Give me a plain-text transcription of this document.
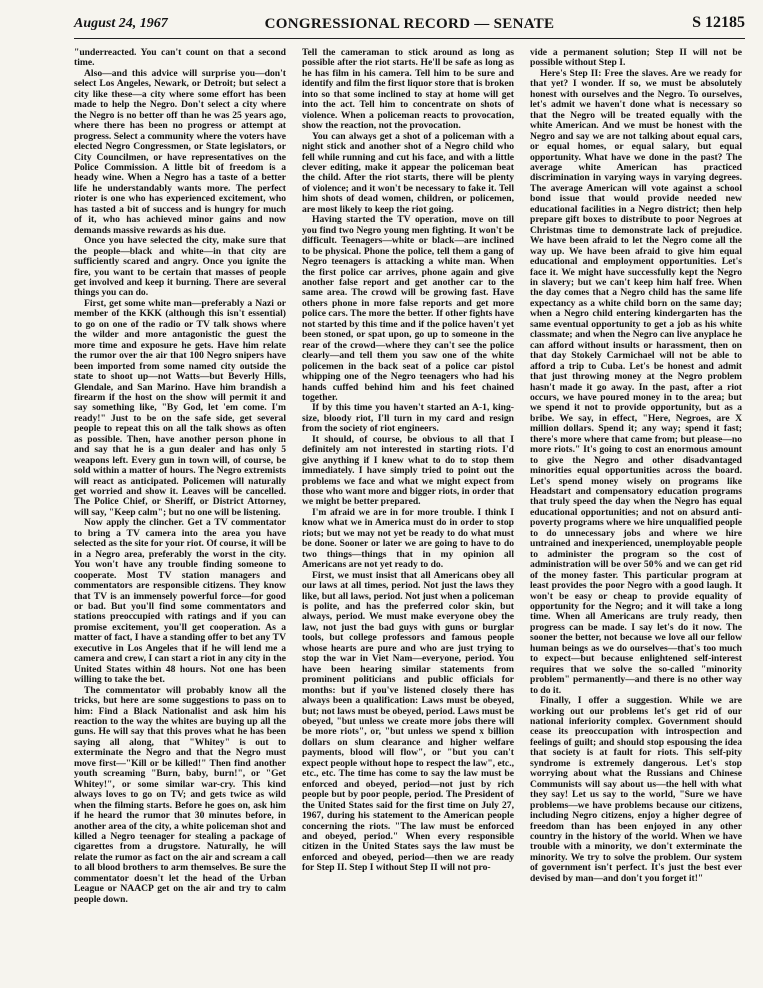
August 24, 1967	CONGRESSIONAL RECORD — SENATE	S 12185

"underreacted. You can't count on that a second time.

Also—and this advice will surprise you—don't select Los Angeles, Newark, or Detroit; but select a city like these—a city where some effort has been made to help the Negro. Don't select a city where the Negro is no better off than he was 25 years ago, where there has been no progress or attempt at progress. Select a community where the voters have elected Negro Congressmen, or State legislators, or City Councilmen, or have representatives on the Police Commission. A little bit of freedom is a heady wine. When a Negro has a taste of a better life he understandably wants more. The perfect rioter is one who has experienced excitement, who has tasted a bit of success and is hungry for much of it, who has achieved minor gains and now demands massive rewards as his due.

Once you have selected the city, make sure that the people—black and white—in that city are sufficiently scared and angry. Once you ignite the fire, you want to be certain that masses of people get involved and keep it burning. There are several things you can do.

First, get some white man—preferably a Nazi or member of the KKK (although this isn't essential) to go on one of the radio or TV talk shows where the wilder and more antagonistic the guest the more time and exposure he gets. Have him relate the rumor over the air that 100 Negro snipers have been imported from some named city outside the state to shoot up—not Watts—but Beverly Hills, Glendale, and San Marino. Have him brandish a firearm if the host on the show will permit it and say something like, "By God, let 'em come. I'm ready!" Just to be on the safe side, get several people to repeat this on all the talk shows as often as possible. Then, have another person phone in and say that he is a gun dealer and has only 5 weapons left. Every gun in town will, of course, be sold within a matter of hours. The Negro extremists will react as anticipated. Policemen will naturally get worried and show it. Leaves will be cancelled. The Police Chief, or Sheriff, or District Attorney, will say, "Keep calm"; but no one will be listening.

Now apply the clincher. Get a TV commentator to bring a TV camera into the area you have selected as the site for your riot. Of course, it will be in a Negro area, preferably the worst in the city. You won't have any trouble finding someone to cooperate. Most TV station managers and commentators are responsible citizens. They know that TV is an immensely powerful force—for good or bad. But you'll find some commentators and stations preoccupied with ratings and if you can promise excitement, you'll get cooperation. As a matter of fact, I have a standing offer to bet any TV executive in Los Angeles that if he will lend me a camera and crew, I can start a riot in any city in the United States within 48 hours. Not one has been willing to take the bet.

The commentator will probably know all the tricks, but here are some suggestions to pass on to him: Find a Black Nationalist and ask him his reaction to the way the whites are buying up all the guns. He will say that this proves what he has been saying all along, that "Whitey" is out to exterminate the Negro and that the Negro must move first—"Kill or be killed!" Then find another youth screaming "Burn, baby, burn!", or "Get Whitey!", or some similar war-cry. This kind always loves to go on TV; and gets twice as wild when the filming starts. Before he goes on, ask him if he heard the rumor that 30 minutes before, in another area of the city, a white policeman shot and killed a Negro teenager for stealing a package of cigarettes from a drugstore. Naturally, he will relate the rumor as fact on the air and scream a call to all blood brothers to arm themselves. Be sure the commentator doesn't let the head of the Urban League or NAACP get on the air and try to calm people down.

Tell the cameraman to stick around as long as possible after the riot starts. He'll be safe as long as he has film in his camera. Tell him to be sure and identify and film the first liquor store that is broken into so that some inclined to stay at home will get into the act. Tell him to concentrate on shots of violence. When a policeman reacts to provocation, show the reaction, not the provocation.

You can always get a shot of a policeman with a night stick and another shot of a Negro child who fell while running and cut his face, and with a little clever editing, make it appear the policeman beat the child. After the riot starts, there will be plenty of violence; and it won't be necessary to fake it. Tell him shots of dead women, children, or policemen, are most likely to keep the riot going.

Having started the TV operation, move on till you find two Negro young men fighting. It won't be difficult. Teenagers—white or black—are inclined to be physical. Phone the police, tell them a gang of Negro teenagers is attacking a white man. When the first police car arrives, phone again and give another false report and get another car to the same area. The crowd will be growing fast. Have others phone in more false reports and get more police cars. The more the better. If other fights have not started by this time and if the police haven't yet been stoned, or spat upon, go up to someone in the rear of the crowd—where they can't see the police clearly—and tell them you saw one of the white policemen in the back seat of a police car pistol whipping one of the Negro teenagers who had his hands cuffed behind him and his feet chained together.

If by this time you haven't started an A-1, king-size, bloody riot, I'll turn in my card and resign from the society of riot engineers.

It should, of course, be obvious to all that I definitely am not interested in starting riots. I'd give anything if I knew what to do to stop them immediately. I have simply tried to point out the problems we face and what we might expect from those who want more and bigger riots, in order that we might be better prepared.

I'm afraid we are in for more trouble. I think I know what we in America must do in order to stop riots; but we may not yet be ready to do what must be done. Sooner or later we are going to have to do two things—things that in my opinion all Americans are not yet ready to do.

First, we must insist that all Americans obey all our laws at all times, period. Not just the laws they like, but all laws, period. Not just when a policeman is polite, and has the preferred color skin, but always, period. We must make everyone obey the law, not just the bad guys with guns or burglar tools, but college professors and famous people whose hearts are pure and who are just trying to stop the war in Viet Nam—everyone, period. You have been hearing similar statements from prominent politicians and public officials for months: but if you've listened closely there has always been a qualification: Laws must be obeyed, but; not laws must be obeyed, period. Laws must be obeyed, "but unless we create more jobs there will be more riots", or, "but unless we spend x billion dollars on slum clearance and higher welfare payments, blood will flow", or "but you can't expect people without hope to respect the law", etc., etc., etc. The time has come to say the law must be enforced and obeyed, period—not just by rich people but by poor people, period. The President of the United States said for the first time on July 27, 1967, during his statement to the American people concerning the riots. "The law must be enforced and obeyed, period." When every responsible citizen in the United States says the law must be enforced and obeyed, period—then we are ready for Step II. Step I without Step II will not pro-

vide a permanent solution; Step II will not be possible without Step I.

Here's Step II: Free the slaves. Are we ready for that yet? I wonder. If so, we must be absolutely honest with ourselves and the Negro. To ourselves, let's admit we haven't done what is necessary so that the Negro will be treated equally with the white American. And we must be honest with the Negro and say we are not talking about equal cars, or equal homes, or equal salary, but equal opportunity. What have we done in the past? The average white American has practiced discrimination in varying ways in varying degrees. The average American will vote against a school bond issue that would provide needed new educational facilities in a Negro district; then help prepare gift boxes to distribute to poor Negroes at Christmas time to demonstrate lack of prejudice. We have been afraid to let the Negro come all the way up. We have been afraid to give him equal educational and employment opportunities. Let's face it. We might have successfully kept the Negro in slavery; but we can't keep him half free. When the day comes that a Negro child has the same life expectancy as a white child born on the same day; when a Negro child entering kindergarten has the same eventual opportunity to get a job as his white classmate; and when the Negro can live anyplace he can afford without insults or harassment, then on that day Stokely Carmichael will not be able to afford a trip to Cuba. Let's be honest and admit that just throwing money at the Negro problem hasn't made it go away. In the past, after a riot occurs, we have poured money in to the area; but we spend it not to provide opportunity, but as a bribe. We say, in effect, "Here, Negroes, are X million dollars. Spend it; any way; spend it fast; there's more where that came from; but please—no more riots." It's going to cost an enormous amount to give the Negro and other disadvantaged minorities equal opportunities across the board. Let's spend money wisely on programs like Headstart and compensatory education programs that truly speed the day when the Negro has equal educational opportunities; and not on absurd anti-poverty programs where we hire unqualified people to do unnecessary jobs and where we hire untrained and inexperienced, unemployable people to administer the program so the cost of administration will be over 50% and we can get rid of the money faster. This particular program at least provides the poor Negro with a good laugh. It won't be easy or cheap to provide equality of opportunity for the Negro; and it will take a long time. When all Americans are truly ready, then progress can be made. I say let's do it now. The sooner the better, not because we love all our fellow human beings as we do ourselves—that's too much to expect—but because enlightened self-interest requires that we solve the so-called "minority problem" permanently—and there is no other way to do it.

Finally, I offer a suggestion. While we are working out our problems let's get rid of our national inferiority complex. Government should cease its preoccupation with introspection and feelings of guilt; and should stop espousing the idea that society is at fault for riots. This self-pity syndrome is extremely dangerous. Let's stop worrying about what the Russians and Chinese Communists will say about us—the hell with what they say! Let us say to the world, "Sure we have problems—we have problems because our citizens, including Negro citizens, enjoy a higher degree of freedom than has been enjoyed in any other country in the history of the world. When we have trouble with a minority, we don't exterminate the minority. We try to solve the problem. Our system of government isn't perfect. It's just the best ever devised by man—and don't you forget it!"
